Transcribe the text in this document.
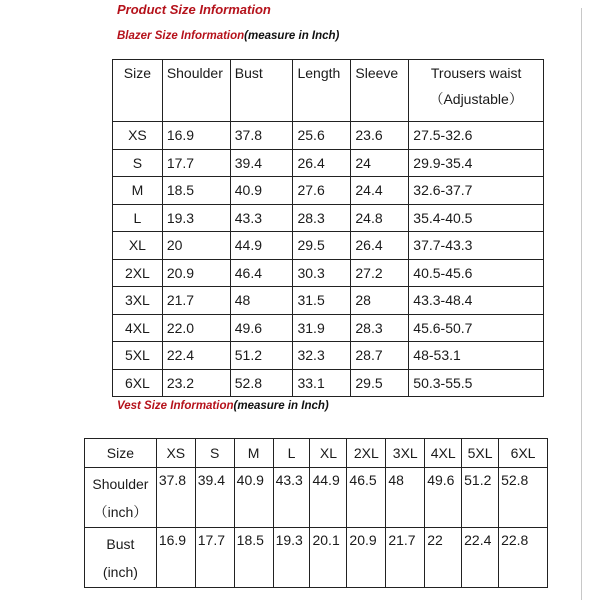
Product Size Information
Blazer Size Information(measure in Inch)
Size	Shoulder	Bust	Length	Sleeve	Trousers waist
（Adjustable）

XS	16.9	37.8	25.6	23.6	27.5-32.6
S	17.7	39.4	26.4	24	29.9-35.4
M	18.5	40.9	27.6	24.4	32.6-37.7
L	19.3	43.3	28.3	24.8	35.4-40.5
XL	20	44.9	29.5	26.4	37.7-43.3
2XL	20.9	46.4	30.3	27.2	40.5-45.6
3XL	21.7	48	31.5	28	43.3-48.4
4XL	22.0	49.6	31.9	28.3	45.6-50.7
5XL	22.4	51.2	32.3	28.7	48-53.1
6XL	23.2	52.8	33.1	29.5	50.3-55.5
Vest Size Information(measure in Inch)
Size	XS	S	M	L	XL	2XL	3XL	4XL	5XL	6XL
Shoulder
（inch）	37.8	39.4	40.9	43.3	44.9	46.5	48	49.6	51.2	52.8
Bust
(inch)	16.9	17.7	18.5	19.3	20.1	20.9	21.7	22	22.4	22.8
